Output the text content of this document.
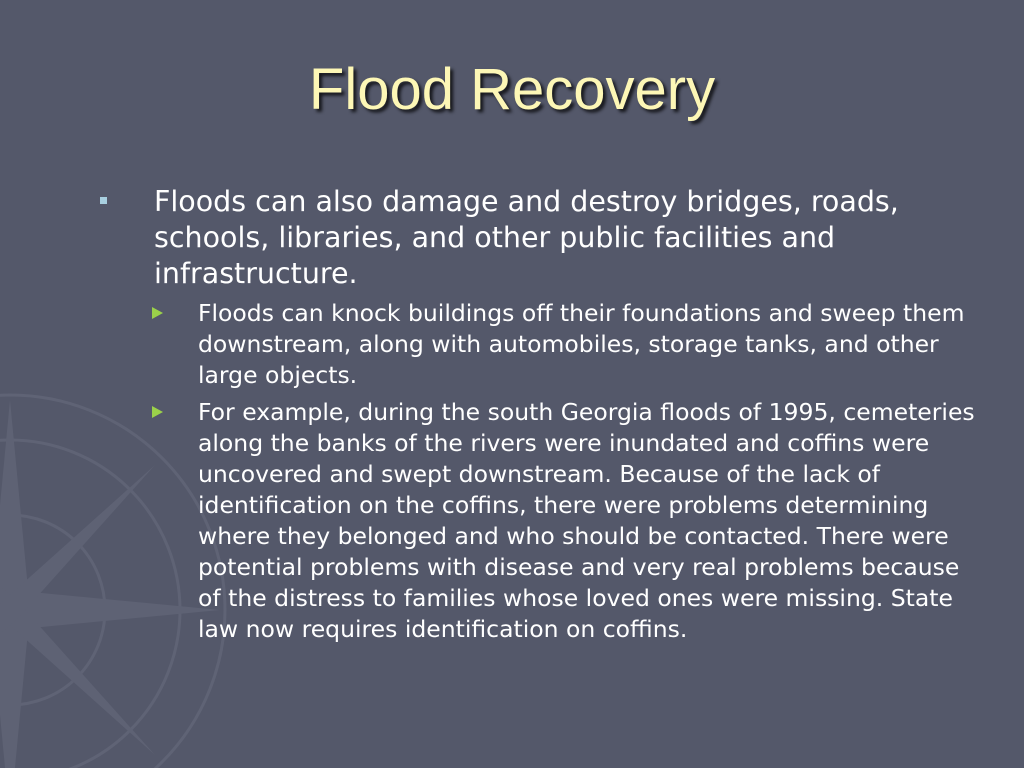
Flood Recovery
Floods can also damage and destroy bridges, roads, schools, libraries, and other public facilities and infrastructure.
Floods can knock buildings off their foundations and sweep them downstream, along with automobiles, storage tanks, and other large objects.
For example, during the south Georgia floods of 1995, cemeteries along the banks of the rivers were inundated and coffins were uncovered and swept downstream. Because of the lack of identification on the coffins, there were problems determining where they belonged and who should be contacted. There were potential problems with disease and very real problems because of the distress to families whose loved ones were missing. State law now requires identification on coffins.
